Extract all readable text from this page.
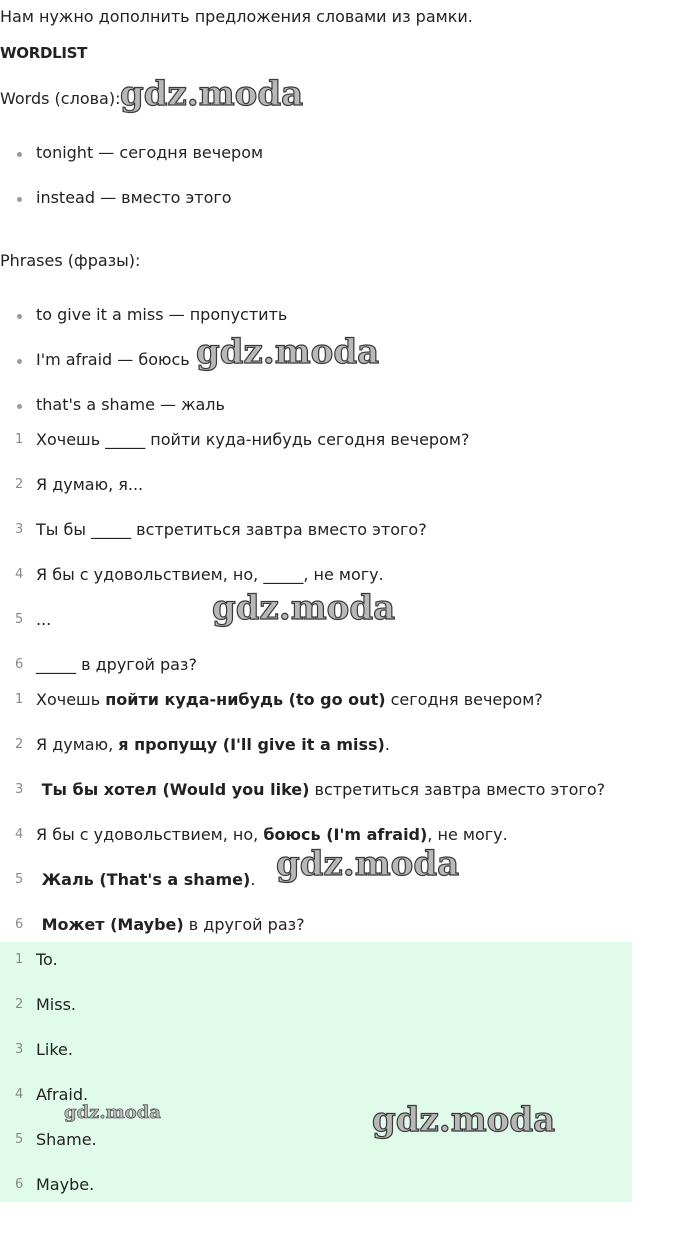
Нам нужно дополнить предложения словами из рамки.
WORDLIST
Words (слова):
tonight — сегодня вечером
instead — вместо этого
Phrases (фразы):
to give it a miss — пропустить
I'm afraid — боюсь
that's a shame — жаль
1 Хочешь _____ пойти куда-нибудь сегодня вечером?
2 Я думаю, я...
3 Ты бы _____ встретиться завтра вместо этого?
4 Я бы с удовольствием, но, _____, не могу.
5 ...
6 _____ в другой раз?
1 Хочешь пойти куда-нибудь (to go out) сегодня вечером?
2 Я думаю, я пропущу (I'll give it a miss).
3 Ты бы хотел (Would you like) встретиться завтра вместо этого?
4 Я бы с удовольствием, но, боюсь (I'm afraid), не могу.
5 Жаль (That's a shame).
6 Может (Maybe) в другой раз?
1 To.
2 Miss.
3 Like.
4 Afraid.
5 Shame.
6 Maybe.
gdz.moda
gdz.moda
gdz.moda
gdz.moda
gdz.moda	gdz.moda
